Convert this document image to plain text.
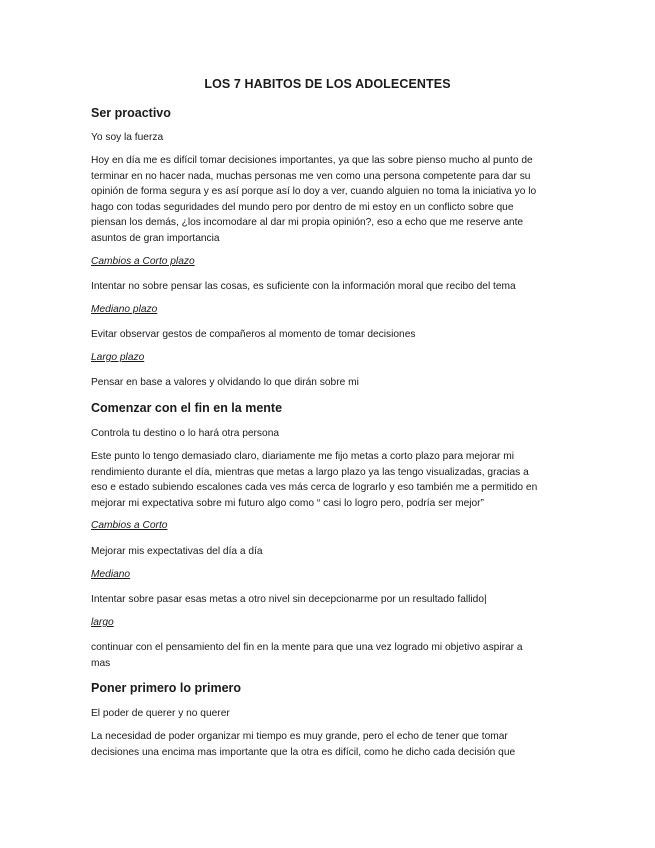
LOS 7 HABITOS DE LOS ADOLECENTES
Ser proactivo
Yo soy la fuerza
Hoy en día me es difícil tomar decisiones importantes, ya que las sobre pienso mucho al punto de
terminar en no hacer nada, muchas personas me ven como una persona competente para dar su
opinión de forma segura y es así porque así lo doy a ver, cuando alguien no toma la iniciativa yo lo
hago con todas seguridades del mundo pero por dentro de mi estoy en un conflicto sobre que
piensan los demás, ¿los incomodare al dar mi propia opinión?, eso a echo que me reserve ante
asuntos de gran importancia
Cambios a Corto plazo
Intentar no sobre pensar las cosas, es suficiente con la información moral que recibo del tema
Mediano plazo
Evitar observar gestos de compañeros al momento de tomar decisiones
Largo plazo
Pensar en base a valores y olvidando lo que dirán sobre mi
Comenzar con el fin en la mente
Controla tu destino o lo hará otra persona
Este punto lo tengo demasiado claro, diariamente me fijo metas a corto plazo para mejorar mi
rendimiento durante el día, mientras que metas a largo plazo ya las tengo visualizadas, gracias a
eso e estado subiendo escalones cada ves más cerca de lograrlo y eso también me a permitido en
mejorar mi expectativa sobre mi futuro algo como “ casi lo logro pero, podría ser mejor”
Cambios a Corto
Mejorar mis expectativas del día a día
Mediano
Intentar sobre pasar esas metas a otro nivel sin decepcionarme por un resultado fallido|
largo
continuar con el pensamiento del fin en la mente para que una vez logrado mi objetivo aspirar a
mas
Poner primero lo primero
El poder de querer y no querer
La necesidad de poder organizar mi tiempo es muy grande, pero el echo de tener que tomar
decisiones una encima mas importante que la otra es difícil, como he dicho cada decisión que
